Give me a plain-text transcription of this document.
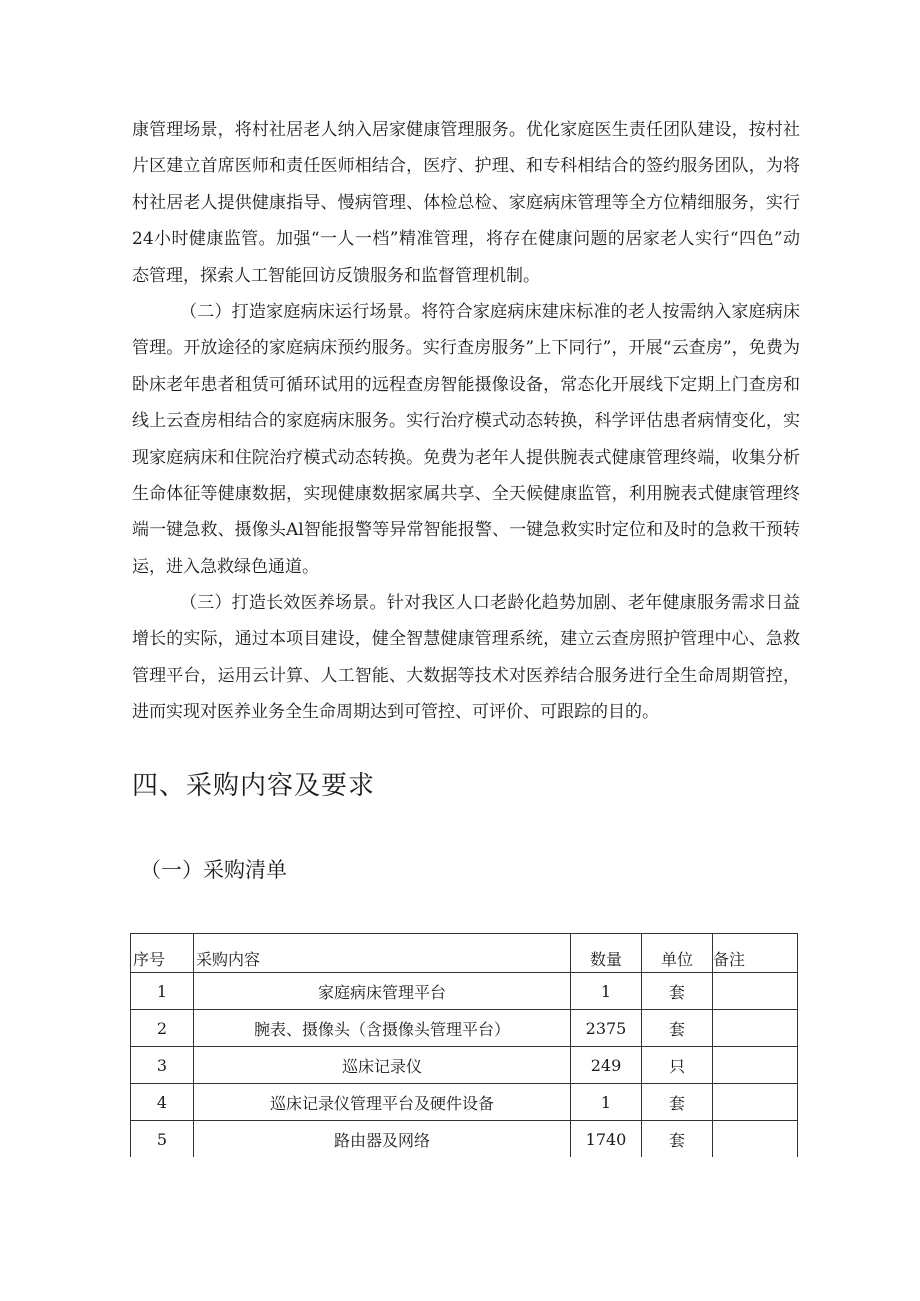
康管理场景，将村社居老人纳入居家健康管理服务。优化家庭医生责任团队建设，按村社片区建立首席医师和责任医师相结合，医疗、护理、和专科相结合的签约服务团队，为将村社居老人提供健康指导、慢病管理、体检总检、家庭病床管理等全方位精细服务，实行24小时健康监管。加强“一人一档”精准管理，将存在健康问题的居家老人实行“四色”动态管理，探索人工智能回访反馈服务和监督管理机制。

（二）打造家庭病床运行场景。将符合家庭病床建床标准的老人按需纳入家庭病床管理。开放途径的家庭病床预约服务。实行查房服务”上下同行”，开展“云查房”，免费为卧床老年患者租赁可循环试用的远程查房智能摄像设备，常态化开展线下定期上门查房和线上云查房相结合的家庭病床服务。实行治疗模式动态转换，科学评估患者病情变化，实现家庭病床和住院治疗模式动态转换。免费为老年人提供腕表式健康管理终端，收集分析生命体征等健康数据，实现健康数据家属共享、全天候健康监管，利用腕表式健康管理终端一键急救、摄像头Al智能报警等异常智能报警、一键急救实时定位和及时的急救干预转运，进入急救绿色通道。

（三）打造长效医养场景。针对我区人口老龄化趋势加剧、老年健康服务需求日益增长的实际，通过本项目建设，健全智慧健康管理系统，建立云查房照护管理中心、急救管理平台，运用云计算、人工智能、大数据等技术对医养结合服务进行全生命周期管控，进而实现对医养业务全生命周期达到可管控、可评价、可跟踪的目的。

四、采购内容及要求
（一）采购清单
序号	采购内容	数量	单位	备注
1	家庭病床管理平台	1	套	
2	腕表、摄像头（含摄像头管理平台）	2375	套	
3	巡床记录仪	249	只	
4	巡床记录仪管理平台及硬件设备	1	套	
5	路由器及网络	1740	套	
